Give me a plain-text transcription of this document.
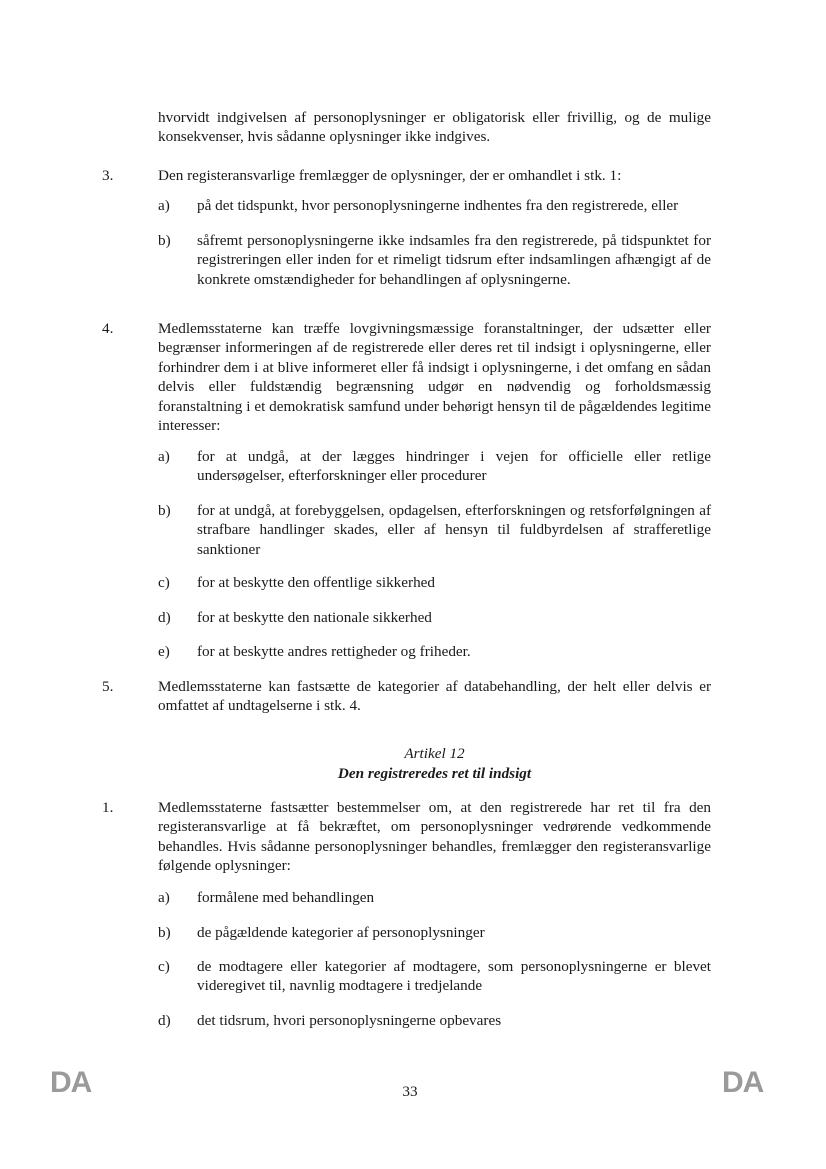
hvorvidt indgivelsen af personoplysninger er obligatorisk eller frivillig, og de mulige konsekvenser, hvis sådanne oplysninger ikke indgives.

3.	Den registeransvarlige fremlægger de oplysninger, der er omhandlet i stk. 1:

a) på det tidspunkt, hvor personoplysningerne indhentes fra den registrerede, eller

b) såfremt personoplysningerne ikke indsamles fra den registrerede, på tidspunktet for registreringen eller inden for et rimeligt tidsrum efter indsamlingen afhængigt af de konkrete omstændigheder for behandlingen af oplysningerne.

4.	Medlemsstaterne kan træffe lovgivningsmæssige foranstaltninger, der udsætter eller begrænser informeringen af de registrerede eller deres ret til indsigt i oplysningerne, eller forhindrer dem i at blive informeret eller få indsigt i oplysningerne, i det omfang en sådan delvis eller fuldstændig begrænsning udgør en nødvendig og forholdsmæssig foranstaltning i et demokratisk samfund under behørigt hensyn til de pågældendes legitime interesser:

a) for at undgå, at der lægges hindringer i vejen for officielle eller retlige undersøgelser, efterforskninger eller procedurer

b) for at undgå, at forebyggelsen, opdagelsen, efterforskningen og retsforfølgningen af strafbare handlinger skades, eller af hensyn til fuldbyrdelsen af strafferetlige sanktioner

c) for at beskytte den offentlige sikkerhed

d) for at beskytte den nationale sikkerhed

e) for at beskytte andres rettigheder og friheder.

5.	Medlemsstaterne kan fastsætte de kategorier af databehandling, der helt eller delvis er omfattet af undtagelserne i stk. 4.

Artikel 12
Den registreredes ret til indsigt
1.	Medlemsstaterne fastsætter bestemmelser om, at den registrerede har ret til fra den registeransvarlige at få bekræftet, om personoplysninger vedrørende vedkommende behandles. Hvis sådanne personoplysninger behandles, fremlægger den registeransvarlige følgende oplysninger:

a) formålene med behandlingen

b) de pågældende kategorier af personoplysninger

c) de modtagere eller kategorier af modtagere, som personoplysningerne er blevet videregivet til, navnlig modtagere i tredjelande

d) det tidsrum, hvori personoplysningerne opbevares

DA	33	DA
